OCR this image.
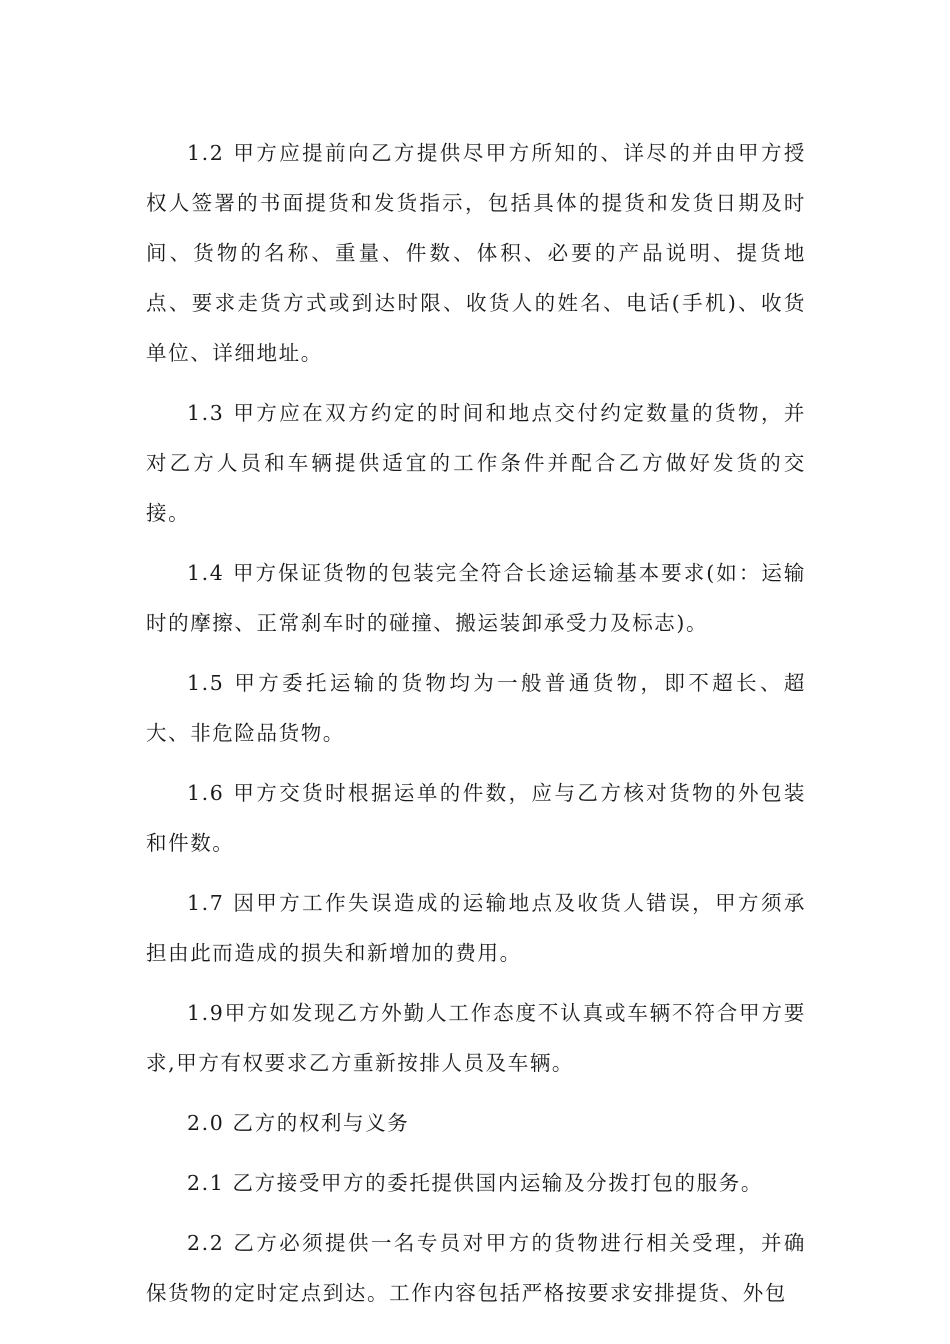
1.2 甲方应提前向乙方提供尽甲方所知的、详尽的并由甲方授权人签署的书面提货和发货指示，包括具体的提货和发货日期及时间、货物的名称、重量、件数、体积、必要的产品说明、提货地点、要求走货方式或到达时限、收货人的姓名、电话(手机)、收货单位、详细地址。

1.3 甲方应在双方约定的时间和地点交付约定数量的货物，并对乙方人员和车辆提供适宜的工作条件并配合乙方做好发货的交接。

1.4 甲方保证货物的包装完全符合长途运输基本要求(如：运输时的摩擦、正常刹车时的碰撞、搬运装卸承受力及标志)。

1.5 甲方委托运输的货物均为一般普通货物，即不超长、超大、非危险品货物。

1.6 甲方交货时根据运单的件数，应与乙方核对货物的外包装和件数。

1.7 因甲方工作失误造成的运输地点及收货人错误，甲方须承担由此而造成的损失和新增加的费用。

1.9甲方如发现乙方外勤人工作态度不认真或车辆不符合甲方要求,甲方有权要求乙方重新按排人员及车辆。

2.0 乙方的权利与义务

2.1 乙方接受甲方的委托提供国内运输及分拨打包的服务。

2.2 乙方必须提供一名专员对甲方的货物进行相关受理，并确保货物的定时定点到达。工作内容包括严格按要求安排提货、外包
